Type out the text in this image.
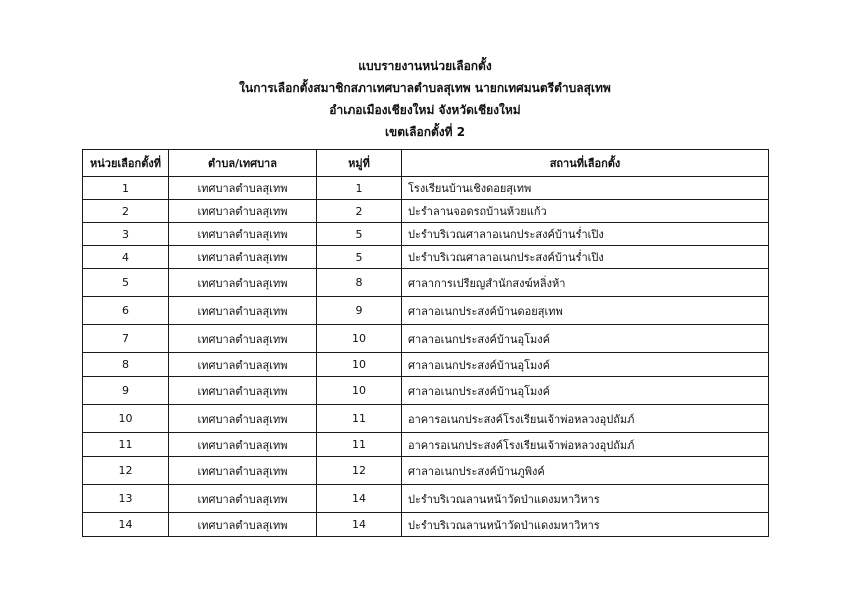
แบบรายงานหน่วยเลือกตั้ง
ในการเลือกตั้งสมาชิกสภาเทศบาลตำบลสุเทพ นายกเทศมนตรีตำบลสุเทพ
อำเภอเมืองเชียงใหม่ จังหวัดเชียงใหม่
เขตเลือกตั้งที่ 2
หน่วยเลือกตั้งที่	ตำบล/เทศบาล	หมู่ที่	สถานที่เลือกตั้ง
1	เทศบาลตำบลสุเทพ	1	โรงเรียนบ้านเชิงดอยสุเทพ
2	เทศบาลตำบลสุเทพ	2	ปะรำลานจอดรถบ้านห้วยแก้ว
3	เทศบาลตำบลสุเทพ	5	ปะรำบริเวณศาลาอเนกประสงค์บ้านร่ำเปิง
4	เทศบาลตำบลสุเทพ	5	ปะรำบริเวณศาลาอเนกประสงค์บ้านร่ำเปิง
5	เทศบาลตำบลสุเทพ	8	ศาลาการเปรียญสำนักสงฆ์หลิ่งห้า
6	เทศบาลตำบลสุเทพ	9	ศาลาอเนกประสงค์บ้านดอยสุเทพ
7	เทศบาลตำบลสุเทพ	10	ศาลาอเนกประสงค์บ้านอุโมงค์
8	เทศบาลตำบลสุเทพ	10	ศาลาอเนกประสงค์บ้านอุโมงค์
9	เทศบาลตำบลสุเทพ	10	ศาลาอเนกประสงค์บ้านอุโมงค์
10	เทศบาลตำบลสุเทพ	11	อาคารอเนกประสงค์โรงเรียนเจ้าพ่อหลวงอุปถัมภ์
11	เทศบาลตำบลสุเทพ	11	อาคารอเนกประสงค์โรงเรียนเจ้าพ่อหลวงอุปถัมภ์
12	เทศบาลตำบลสุเทพ	12	ศาลาอเนกประสงค์บ้านภูพิงค์
13	เทศบาลตำบลสุเทพ	14	ปะรำบริเวณลานหน้าวัดป่าแดงมหาวิหาร
14	เทศบาลตำบลสุเทพ	14	ปะรำบริเวณลานหน้าวัดป่าแดงมหาวิหาร
